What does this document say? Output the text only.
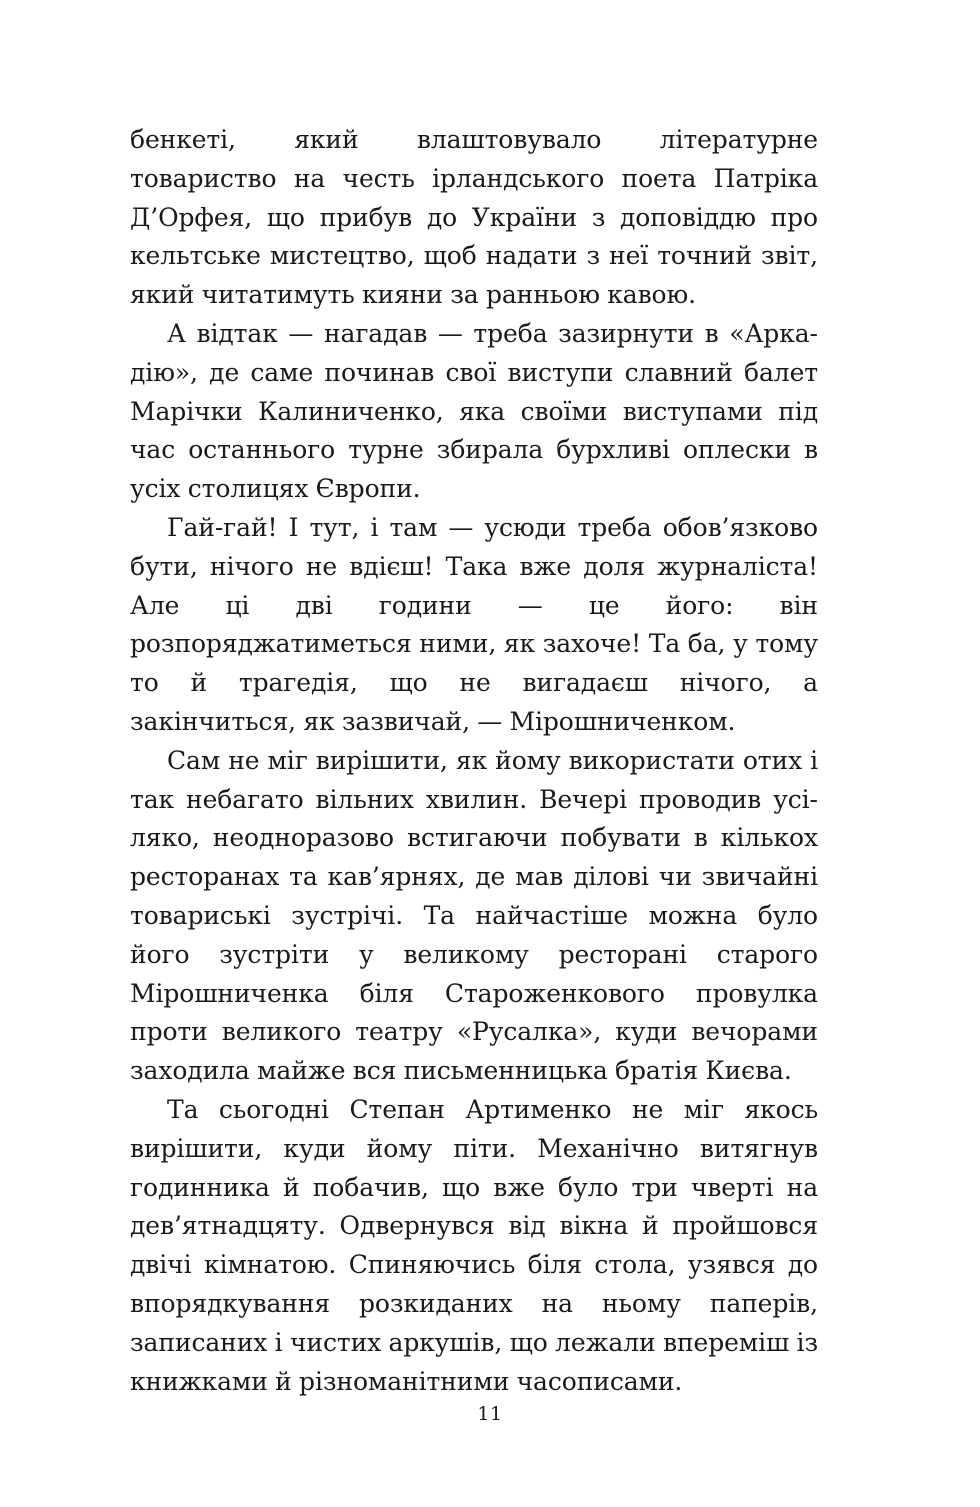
бенкеті, який влаштовувало літературне товариство на честь ірландського поета Патріка Д’Орфея, що прибув до України з доповіддю про кельтське мистецтво, щоб надати з неї точний звіт, який читатимуть кияни за ранньою кавою.

А відтак — нагадав — треба зазирнути в «Аркадію», де саме починав свої виступи славний балет Марічки Калиниченко, яка своїми виступами під час останнього турне збирала бурхливі оплески в усіх столицях Європи.

Гай-гай! І тут, і там — усюди треба обов’язково бути, нічого не вдієш! Така вже доля журналіста! Але ці дві години — це його: він розпоряджатиметься ними, як захоче! Та ба, у тому то й трагедія, що не вигадаєш нічого, а закінчиться, як зазвичай, — Мірошниченком.

Сам не міг вирішити, як йому використати отих і так небагато вільних хвилин. Вечері проводив усіляко, неодноразово встигаючи побувати в кількох ресторанах та кав’ярнях, де мав ділові чи звичайні товариські зустрічі. Та найчастіше можна було його зустріти у великому ресторані старого Мірошниченка біля Староженкового провулка проти великого театру «Русалка», куди вечорами заходила майже вся письменницька братія Києва.

Та сьогодні Степан Артименко не міг якось вирішити, куди йому піти. Механічно витягнув годинника й побачив, що вже було три чверті на дев’ятнадцяту. Одвернувся від вікна й пройшовся двічі кімнатою. Спиняючись біля стола, узявся до впорядкування розкиданих на ньому паперів, записаних і чистих аркушів, що лежали впереміш із книжками й різноманітними часописами.

11
